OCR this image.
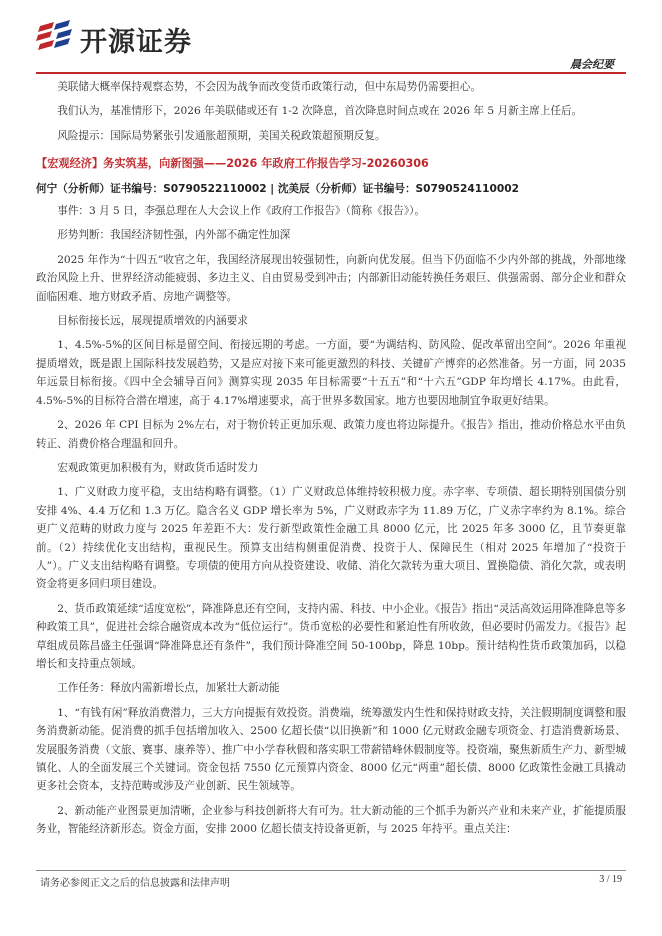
开源证券
晨会纪要

美联储大概率保持观察态势，不会因为战争而改变货币政策行动，但中东局势仍需要担心。

我们认为，基准情形下，2026 年美联储或还有 1-2 次降息，首次降息时间点或在 2026 年 5 月新主席上任后。

风险提示：国际局势紧张引发通胀超预期，美国关税政策超预期反复。

【宏观经济】务实筑基，向新图强——2026 年政府工作报告学习-20260306
何宁（分析师）证书编号：S0790522110002 | 沈美辰（分析师）证书编号：S0790524110002

事件：3 月 5 日，李强总理在人大会议上作《政府工作报告》（简称《报告》）。

形势判断：我国经济韧性强，内外部不确定性加深

2025 年作为“十四五”收官之年，我国经济展现出较强韧性，向新向优发展。但当下仍面临不少内外部的挑战，外部地缘政治风险上升、世界经济动能疲弱、多边主义、自由贸易受到冲击；内部新旧动能转换任务艰巨、供强需弱、部分企业和群众面临困难、地方财政矛盾、房地产调整等。

目标衔接长远，展现提质增效的内涵要求

1、4.5%-5%的区间目标是留空间、衔接远期的考虑。一方面，要“为调结构、防风险、促改革留出空间”。2026 年重视提质增效，既是跟上国际科技发展趋势，又是应对接下来可能更激烈的科技、关键矿产博弈的必然准备。另一方面，同 2035 年远景目标衔接。《四中全会辅导百问》测算实现 2035 年目标需要“十五五”和“十六五”GDP 年均增长 4.17%。由此看，4.5%-5%的目标符合潜在增速，高于 4.17%增速要求，高于世界多数国家。地方也要因地制宜争取更好结果。

2、2026 年 CPI 目标为 2%左右，对于物价转正更加乐观、政策力度也将边际提升。《报告》指出，推动价格总水平由负转正、消费价格合理温和回升。

宏观政策更加积极有为，财政货币适时发力

1、广义财政力度平稳，支出结构略有调整。（1）广义财政总体维持较积极力度。赤字率、专项债、超长期特别国债分别安排 4%、4.4 万亿和 1.3 万亿。隐含名义 GDP 增长率为 5%，广义财政赤字为 11.89 万亿，广义赤字率约为 8.1%。综合更广义范畴的财政力度与 2025 年差距不大：发行新型政策性金融工具 8000 亿元，比 2025 年多 3000 亿，且节奏更靠前。（2）持续优化支出结构，重视民生。预算支出结构侧重促消费、投资于人、保障民生（相对 2025 年增加了“投资于人”）。广义支出结构略有调整。专项债的使用方向从投资建设、收储、消化欠款转为重大项目、置换隐债、消化欠款，或表明资金将更多回归项目建设。

2、货币政策延续“适度宽松”，降准降息还有空间，支持内需、科技、中小企业。《报告》指出“灵活高效运用降准降息等多种政策工具”，促进社会综合融资成本改为“低位运行”。货币宽松的必要性和紧迫性有所收敛，但必要时仍需发力。《报告》起草组成员陈昌盛主任强调“降准降息还有条件”，我们预计降准空间 50-100bp，降息 10bp。预计结构性货币政策加码，以稳增长和支持重点领域。

工作任务：释放内需新增长点，加紧壮大新动能

1、“有钱有闲”释放消费潜力，三大方向提振有效投资。消费端，统筹激发内生性和保持财政支持，关注假期制度调整和服务消费新动能。促消费的抓手包括增加收入、2500 亿超长债“以旧换新”和 1000 亿元财政金融专项资金、打造消费新场景、发展服务消费（文旅、赛事、康养等）、推广中小学春秋假和落实职工带薪错峰休假制度等。投资端，聚焦新质生产力、新型城镇化、人的全面发展三个关键词。资金包括 7550 亿元预算内资金、8000 亿元“两重”超长债、8000 亿政策性金融工具撬动更多社会资本，支持范畴或涉及产业创新、民生领域等。

2、新动能产业图景更加清晰，企业参与科技创新将大有可为。壮大新动能的三个抓手为新兴产业和未来产业，扩能提质服务业，智能经济新形态。资金方面，安排 2000 亿超长债支持设备更新，与 2025 年持平。重点关注：

请务必参阅正文之后的信息披露和法律声明	3 / 19
